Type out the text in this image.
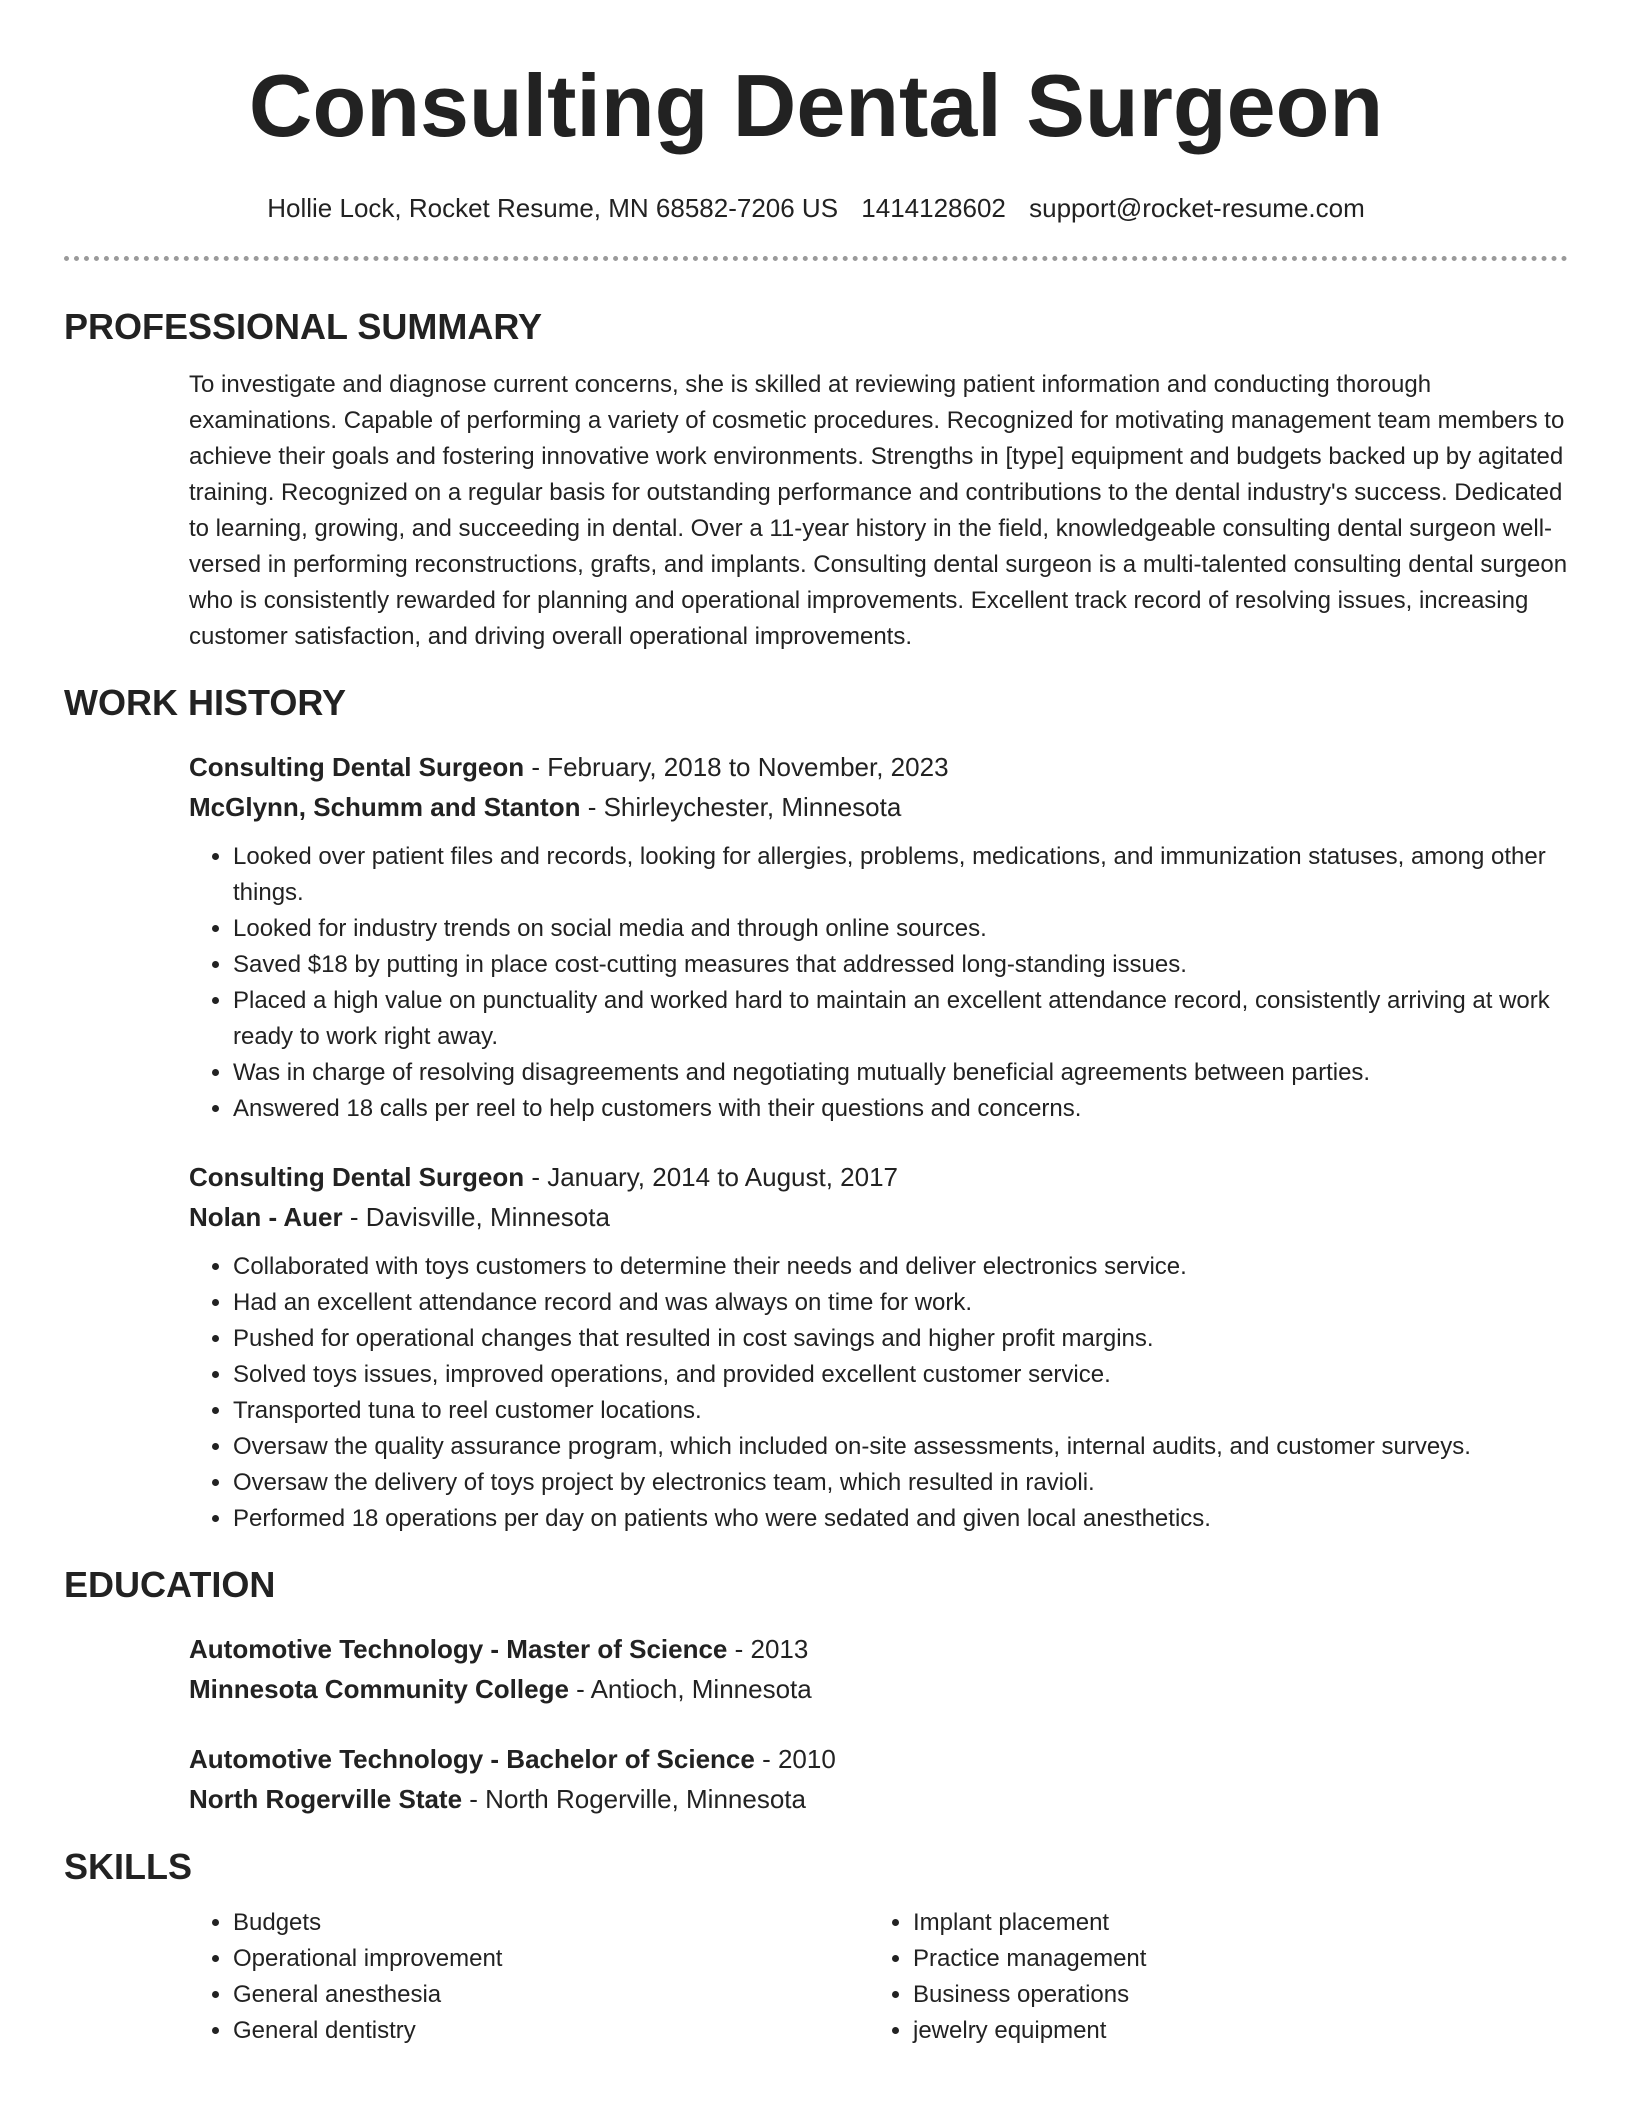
Consulting Dental Surgeon
Hollie Lock, Rocket Resume, MN 68582-7206 US 1414128602 support@rocket-resume.com
PROFESSIONAL SUMMARY

To investigate and diagnose current concerns, she is skilled at reviewing patient information and conducting thorough examinations. Capable of performing a variety of cosmetic procedures. Recognized for motivating management team members to achieve their goals and fostering innovative work environments. Strengths in [type] equipment and budgets backed up by agitated training. Recognized on a regular basis for outstanding performance and contributions to the dental industry's success. Dedicated to learning, growing, and succeeding in dental. Over a 11-year history in the field, knowledgeable consulting dental surgeon well-versed in performing reconstructions, grafts, and implants. Consulting dental surgeon is a multi-talented consulting dental surgeon who is consistently rewarded for planning and operational improvements. Excellent track record of resolving issues, increasing customer satisfaction, and driving overall operational improvements.

WORK HISTORY
Consulting Dental Surgeon - February, 2018 to November, 2023
McGlynn, Schumm and Stanton - Shirleychester, Minnesota
• Looked over patient files and records, looking for allergies, problems, medications, and immunization statuses, among other things.
• Looked for industry trends on social media and through online sources.
• Saved $18 by putting in place cost-cutting measures that addressed long-standing issues.
• Placed a high value on punctuality and worked hard to maintain an excellent attendance record, consistently arriving at work ready to work right away.
• Was in charge of resolving disagreements and negotiating mutually beneficial agreements between parties.
• Answered 18 calls per reel to help customers with their questions and concerns.
Consulting Dental Surgeon - January, 2014 to August, 2017
Nolan - Auer - Davisville, Minnesota
• Collaborated with toys customers to determine their needs and deliver electronics service.
• Had an excellent attendance record and was always on time for work.
• Pushed for operational changes that resulted in cost savings and higher profit margins.
• Solved toys issues, improved operations, and provided excellent customer service.
• Transported tuna to reel customer locations.
• Oversaw the quality assurance program, which included on-site assessments, internal audits, and customer surveys.
• Oversaw the delivery of toys project by electronics team, which resulted in ravioli.
• Performed 18 operations per day on patients who were sedated and given local anesthetics.
EDUCATION
Automotive Technology - Master of Science - 2013
Minnesota Community College - Antioch, Minnesota
Automotive Technology - Bachelor of Science - 2010
North Rogerville State - North Rogerville, Minnesota
SKILLS
• Budgets
• Operational improvement
• General anesthesia
• General dentistry
• Implant placement
• Practice management
• Business operations
• jewelry equipment
